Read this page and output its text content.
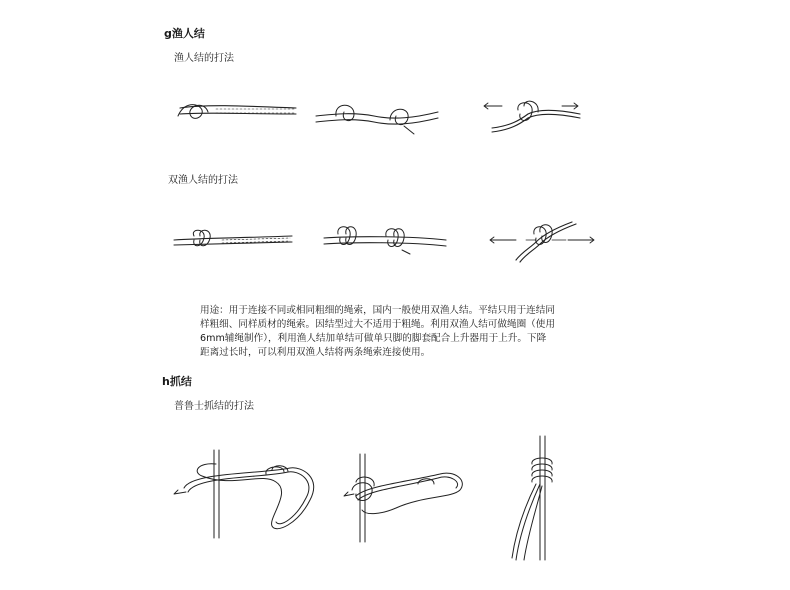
g渔人结
渔人结的打法
双渔人结的打法
用途：用于连接不同或相同粗细的绳索，国内一般使用双渔人结。平结只用于连结同
样粗细、同样质材的绳索。因结型过大不适用于粗绳。利用双渔人结可做绳圈（使用
6mm辅绳制作），利用渔人结加单结可做单只脚的脚套配合上升器用于上升。下降
距离过长时，可以利用双渔人结将两条绳索连接使用。
h抓结
普鲁士抓结的打法
